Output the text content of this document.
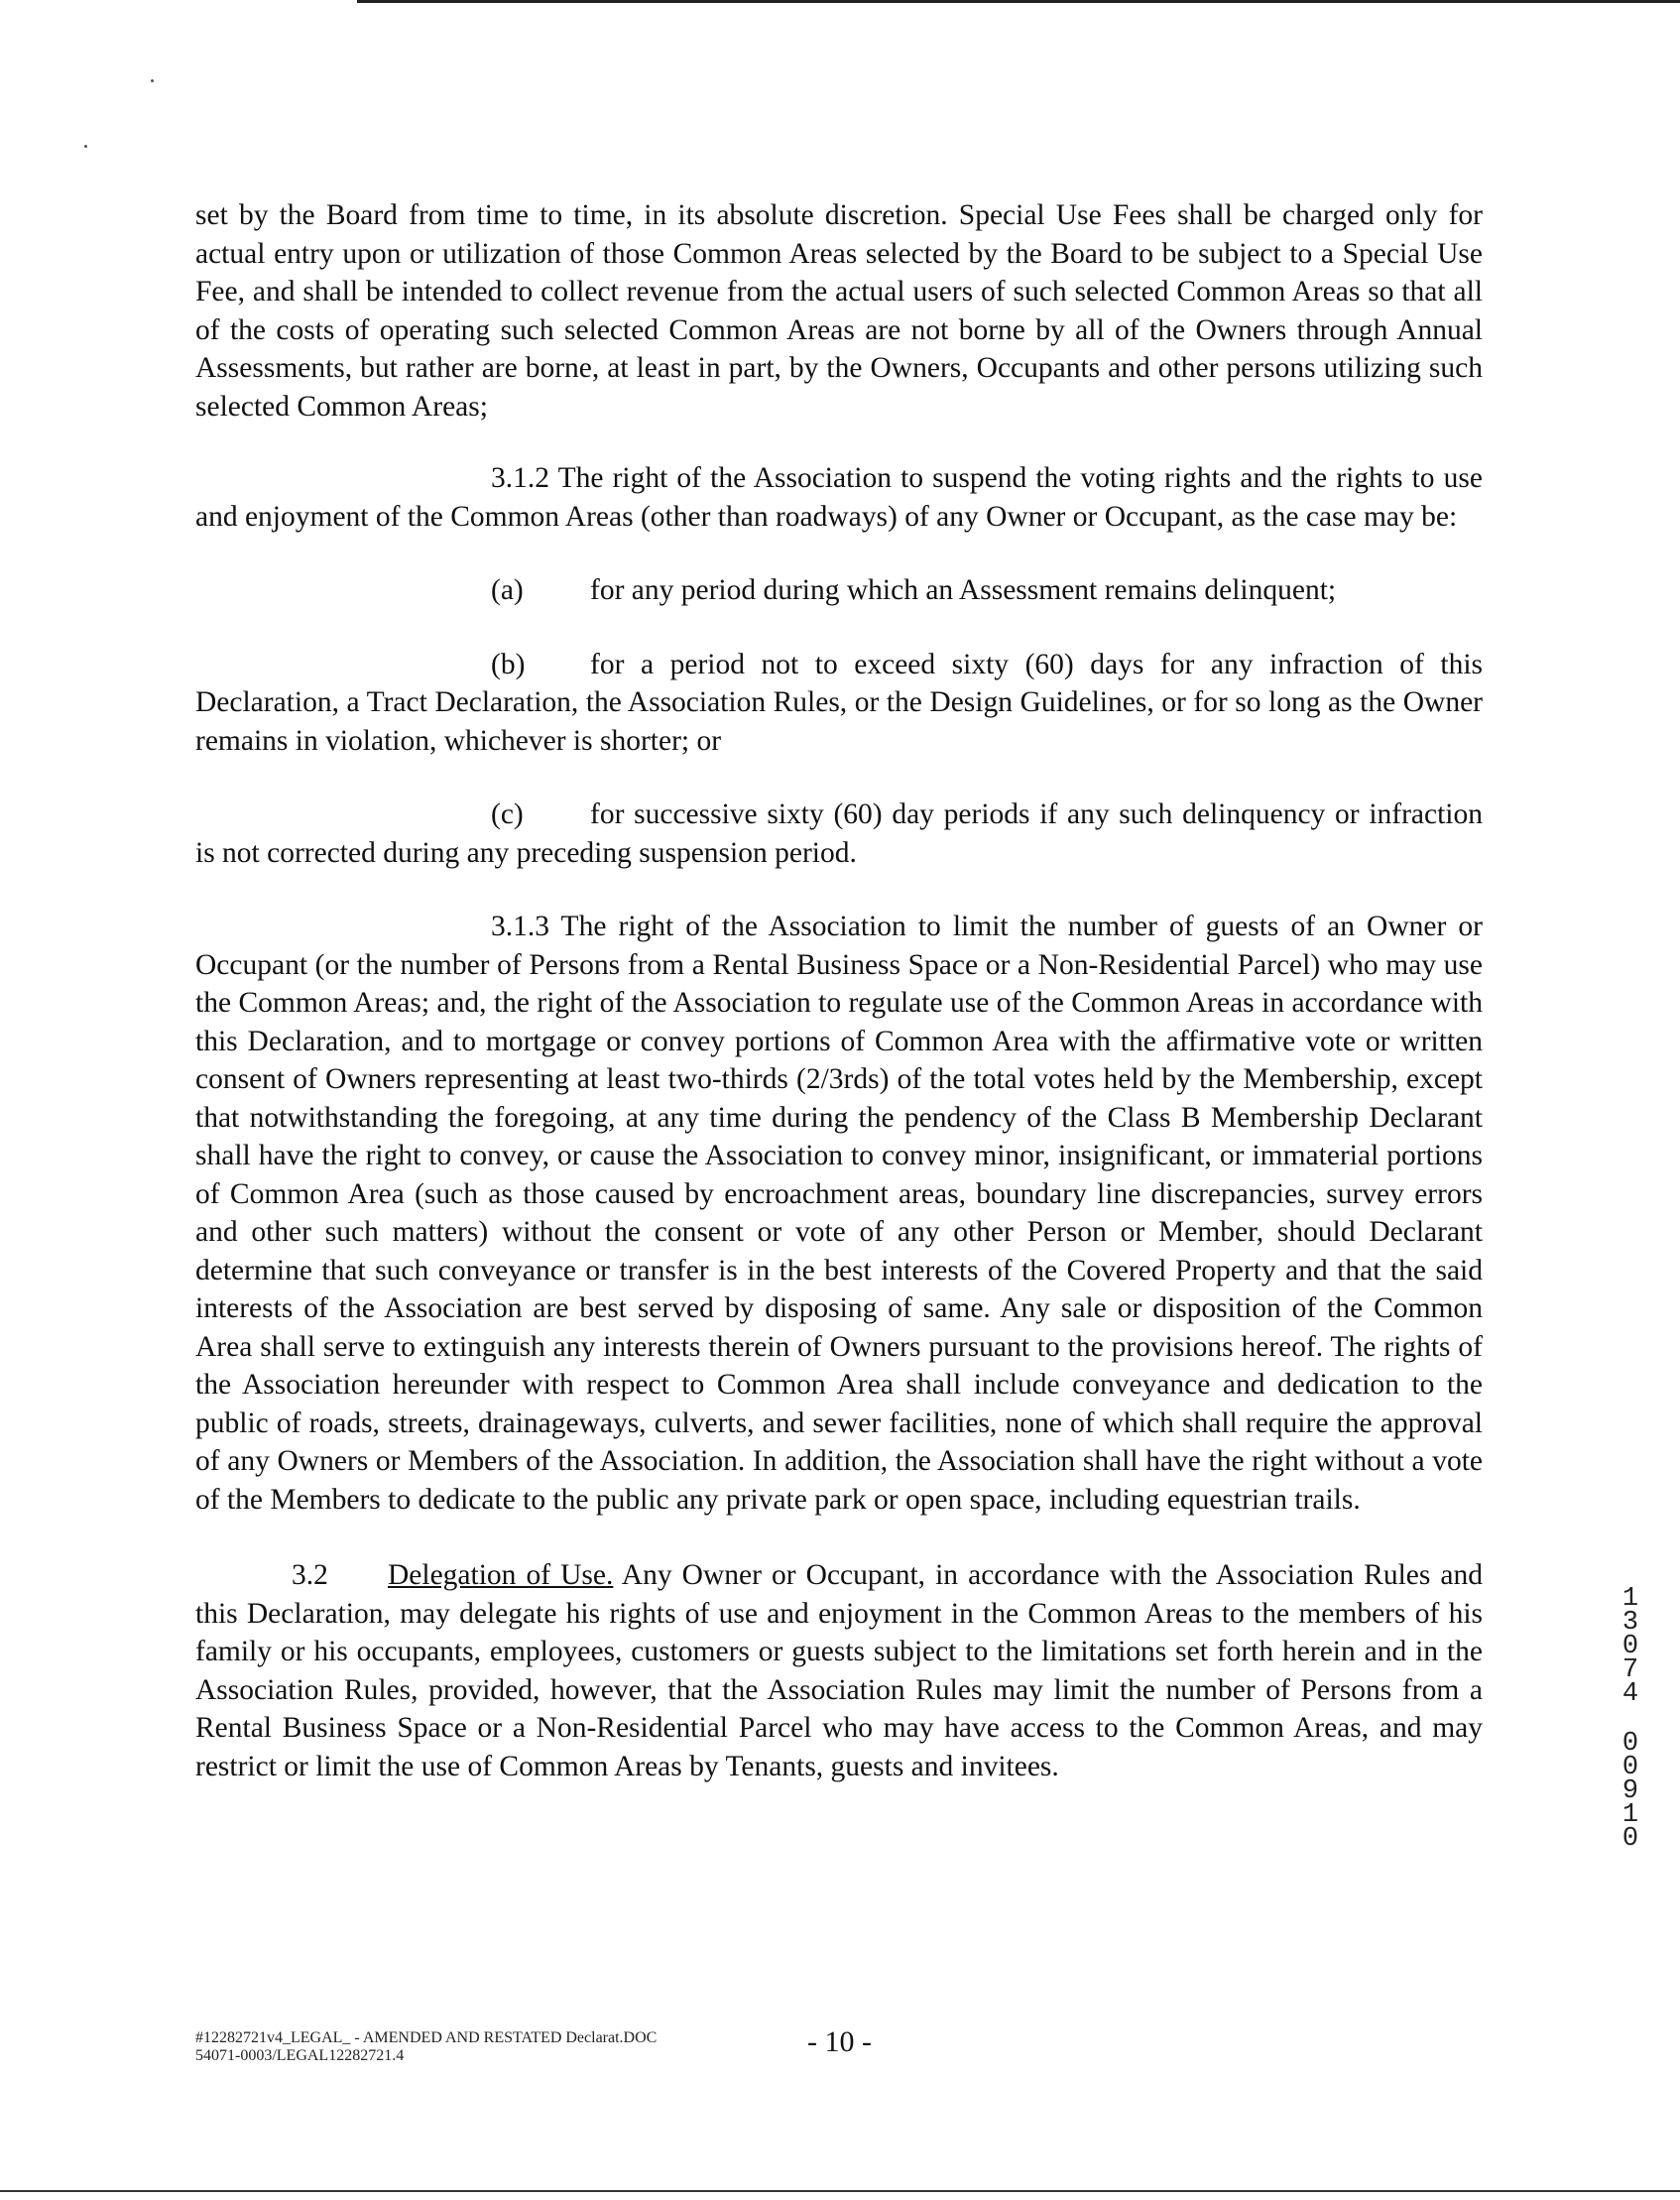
set by the Board from time to time, in its absolute discretion. Special Use Fees shall be charged only for actual entry upon or utilization of those Common Areas selected by the Board to be subject to a Special Use Fee, and shall be intended to collect revenue from the actual users of such selected Common Areas so that all of the costs of operating such selected Common Areas are not borne by all of the Owners through Annual Assessments, but rather are borne, at least in part, by the Owners, Occupants and other persons utilizing such selected Common Areas;

3.1.2 The right of the Association to suspend the voting rights and the rights to use and enjoyment of the Common Areas (other than roadways) of any Owner or Occupant, as the case may be:

(a) for any period during which an Assessment remains delinquent;

(b) for a period not to exceed sixty (60) days for any infraction of this Declaration, a Tract Declaration, the Association Rules, or the Design Guidelines, or for so long as the Owner remains in violation, whichever is shorter; or

(c) for successive sixty (60) day periods if any such delinquency or infraction is not corrected during any preceding suspension period.

3.1.3 The right of the Association to limit the number of guests of an Owner or Occupant (or the number of Persons from a Rental Business Space or a Non-Residential Parcel) who may use the Common Areas; and, the right of the Association to regulate use of the Common Areas in accordance with this Declaration, and to mortgage or convey portions of Common Area with the affirmative vote or written consent of Owners representing at least two-thirds (2/3rds) of the total votes held by the Membership, except that notwithstanding the foregoing, at any time during the pendency of the Class B Membership Declarant shall have the right to convey, or cause the Association to convey minor, insignificant, or immaterial portions of Common Area (such as those caused by encroachment areas, boundary line discrepancies, survey errors and other such matters) without the consent or vote of any other Person or Member, should Declarant determine that such conveyance or transfer is in the best interests of the Covered Property and that the said interests of the Association are best served by disposing of same. Any sale or disposition of the Common Area shall serve to extinguish any interests therein of Owners pursuant to the provisions hereof. The rights of the Association hereunder with respect to Common Area shall include conveyance and dedication to the public of roads, streets, drainageways, culverts, and sewer facilities, none of which shall require the approval of any Owners or Members of the Association. In addition, the Association shall have the right without a vote of the Members to dedicate to the public any private park or open space, including equestrian trails.

3.2 Delegation of Use. Any Owner or Occupant, in accordance with the Association Rules and this Declaration, may delegate his rights of use and enjoyment in the Common Areas to the members of his family or his occupants, employees, customers or guests subject to the limitations set forth herein and in the Association Rules, provided, however, that the Association Rules may limit the number of Persons from a Rental Business Space or a Non-Residential Parcel who may have access to the Common Areas, and may restrict or limit the use of Common Areas by Tenants, guests and invitees.

1
3
0
7
4
0
0
9
1
0
#12282721v4_LEGAL_ - AMENDED AND RESTATED Declarat.DOC
54071-0003/LEGAL12282721.4	- 10 -
